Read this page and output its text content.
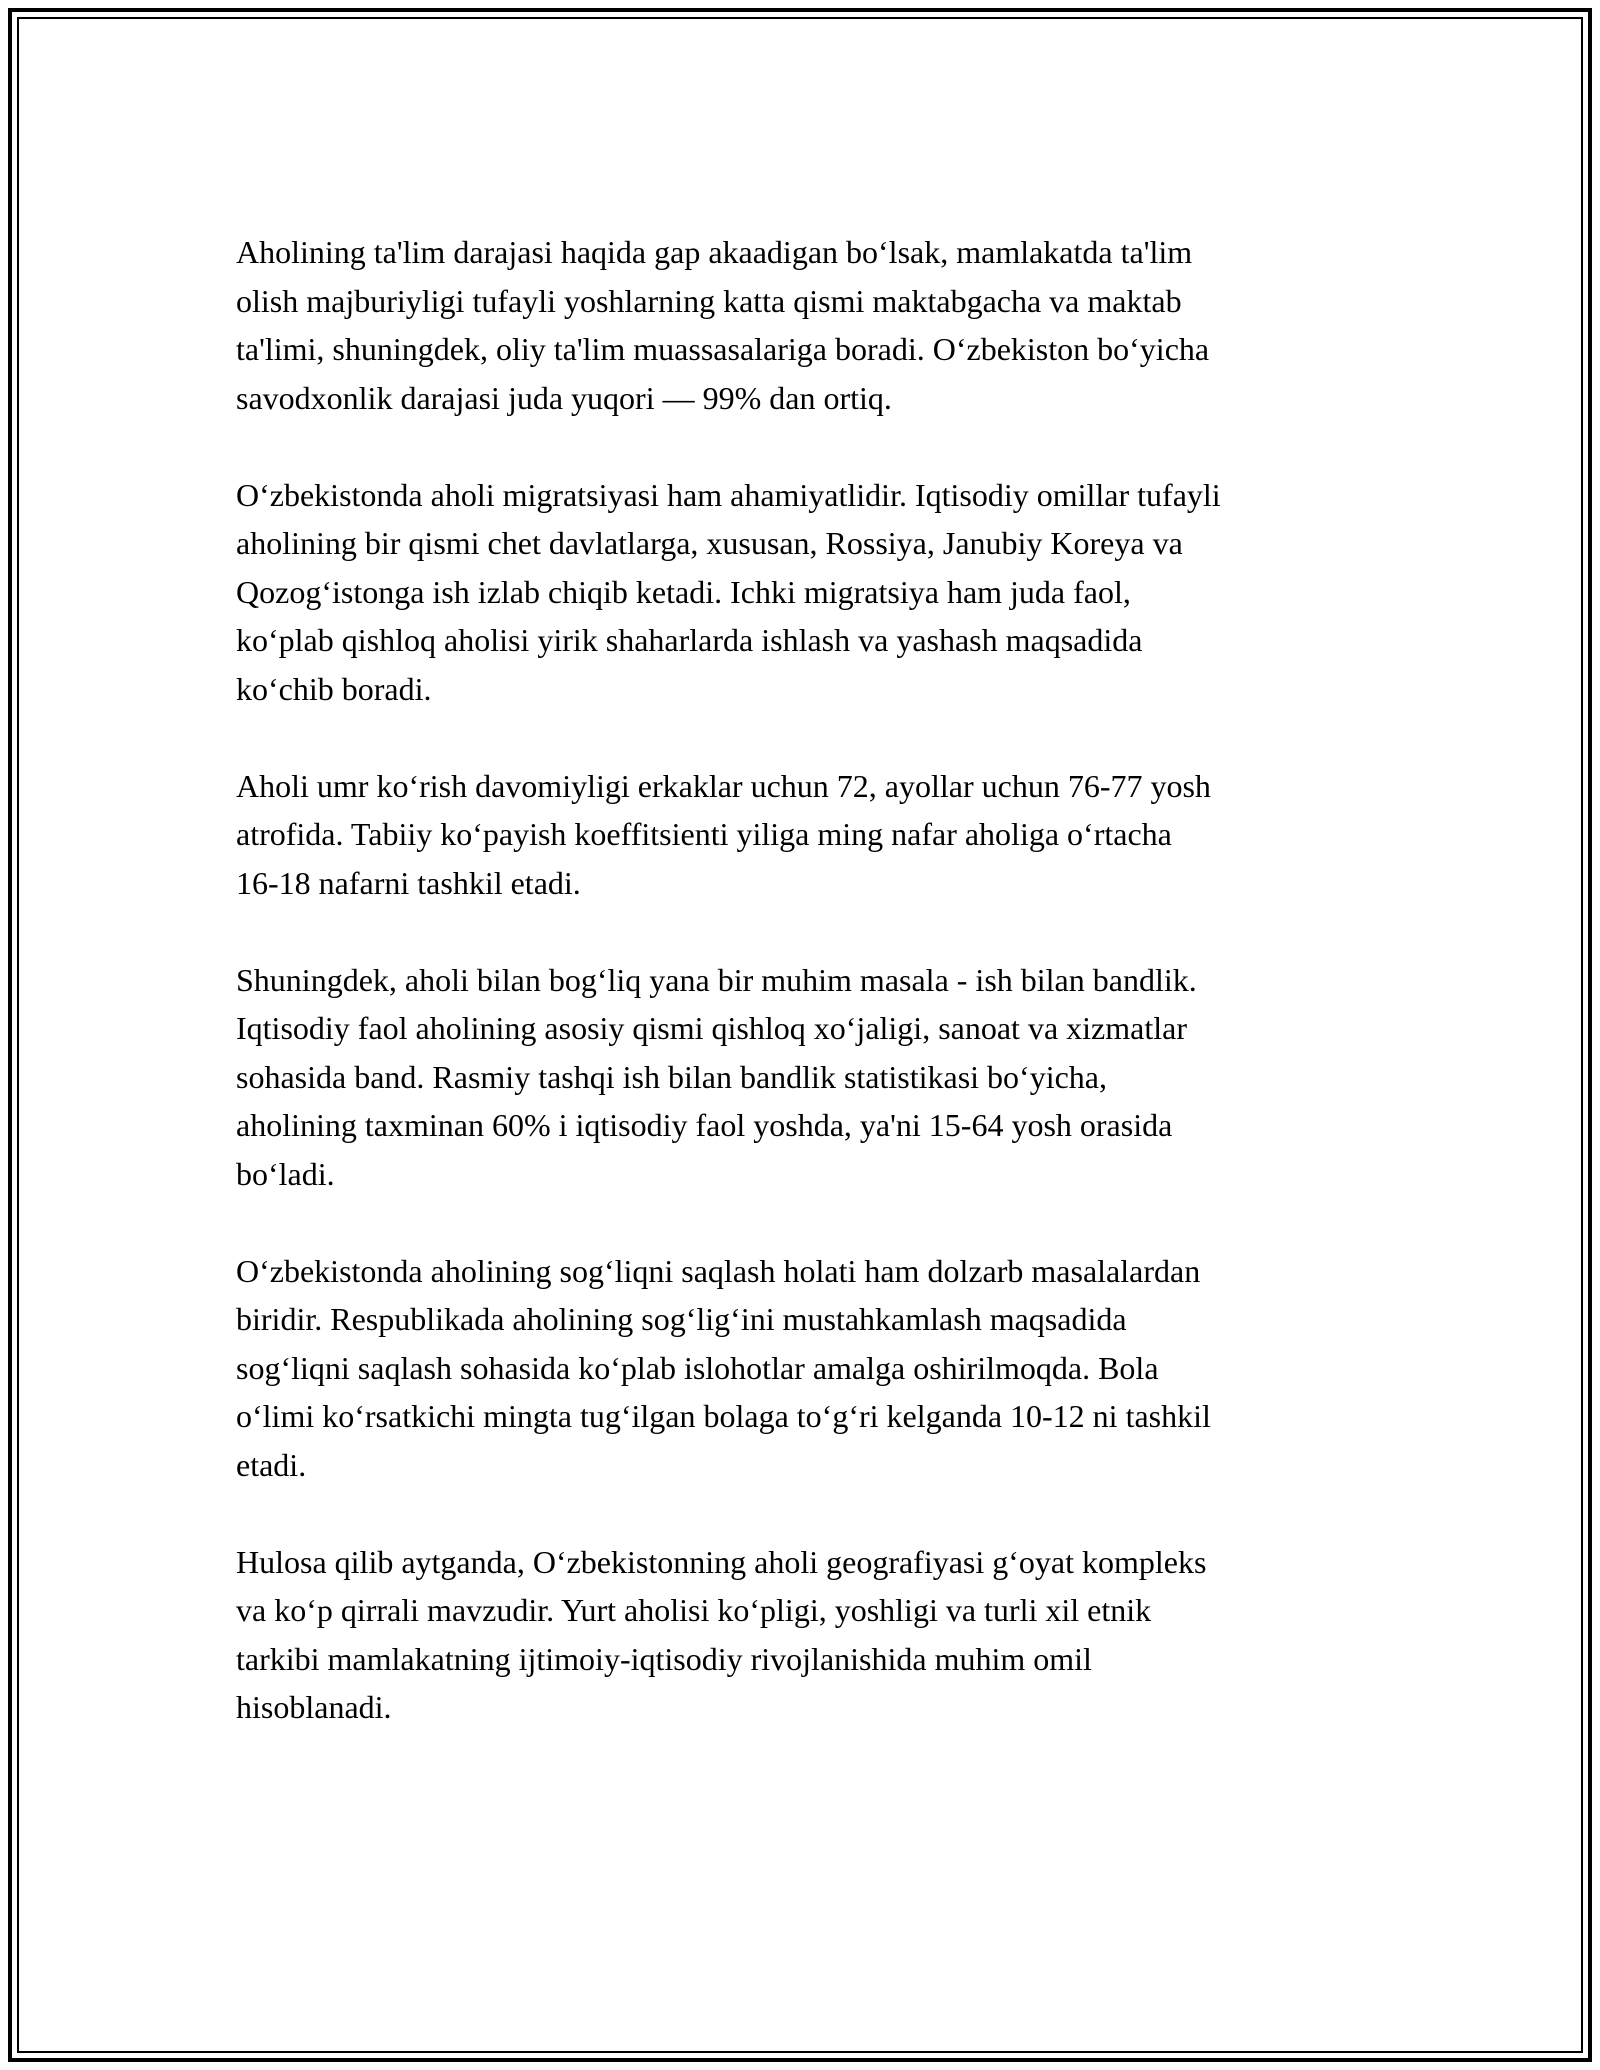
Aholining ta'lim darajasi haqida gap akaadigan bo‘lsak, mamlakatda ta'lim
olish majburiyligi tufayli yoshlarning katta qismi maktabgacha va maktab
ta'limi, shuningdek, oliy ta'lim muassasalariga boradi. O‘zbekiston bo‘yicha
savodxonlik darajasi juda yuqori — 99% dan ortiq.

O‘zbekistonda aholi migratsiyasi ham ahamiyatlidir. Iqtisodiy omillar tufayli
aholining bir qismi chet davlatlarga, xususan, Rossiya, Janubiy Koreya va
Qozog‘istonga ish izlab chiqib ketadi. Ichki migratsiya ham juda faol,
ko‘plab qishloq aholisi yirik shaharlarda ishlash va yashash maqsadida
ko‘chib boradi.

Aholi umr ko‘rish davomiyligi erkaklar uchun 72, ayollar uchun 76-77 yosh
atrofida. Tabiiy ko‘payish koeffitsienti yiliga ming nafar aholiga o‘rtacha
16-18 nafarni tashkil etadi.

Shuningdek, aholi bilan bog‘liq yana bir muhim masala - ish bilan bandlik.
Iqtisodiy faol aholining asosiy qismi qishloq xo‘jaligi, sanoat va xizmatlar
sohasida band. Rasmiy tashqi ish bilan bandlik statistikasi bo‘yicha,
aholining taxminan 60% i iqtisodiy faol yoshda, ya'ni 15-64 yosh orasida
bo‘ladi.

O‘zbekistonda aholining sog‘liqni saqlash holati ham dolzarb masalalardan
biridir. Respublikada aholining sog‘lig‘ini mustahkamlash maqsadida
sog‘liqni saqlash sohasida ko‘plab islohotlar amalga oshirilmoqda. Bola
o‘limi ko‘rsatkichi mingta tug‘ilgan bolaga to‘g‘ri kelganda 10-12 ni tashkil
etadi.

Hulosa qilib aytganda, O‘zbekistonning aholi geografiyasi g‘oyat kompleks
va ko‘p qirrali mavzudir. Yurt aholisi ko‘pligi, yoshligi va turli xil etnik
tarkibi mamlakatning ijtimoiy-iqtisodiy rivojlanishida muhim omil
hisoblanadi.
